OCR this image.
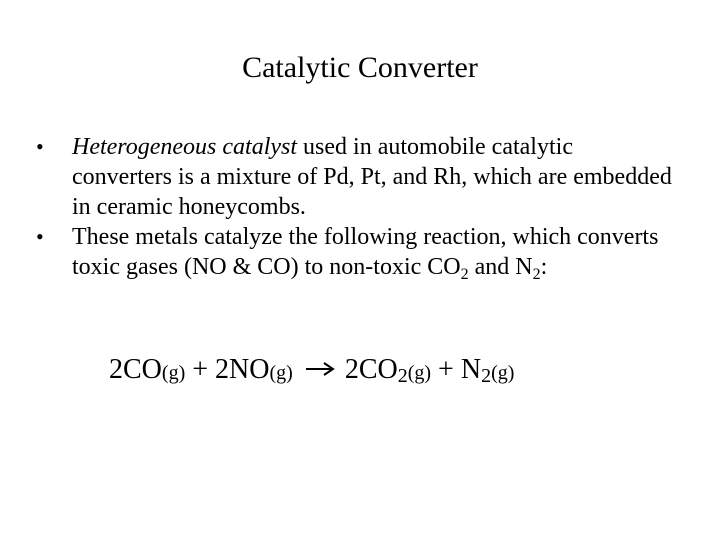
Catalytic Converter
•	Heterogeneous catalyst used in automobile catalytic converters is a mixture of Pd, Pt, and Rh, which are embedded in ceramic honeycombs.
•	These metals catalyze the following reaction, which converts toxic gases (NO & CO) to non-toxic $CO_2$ and $N_2$:
2CO(g) + 2NO(g) 2CO2(g) + N2(g)
